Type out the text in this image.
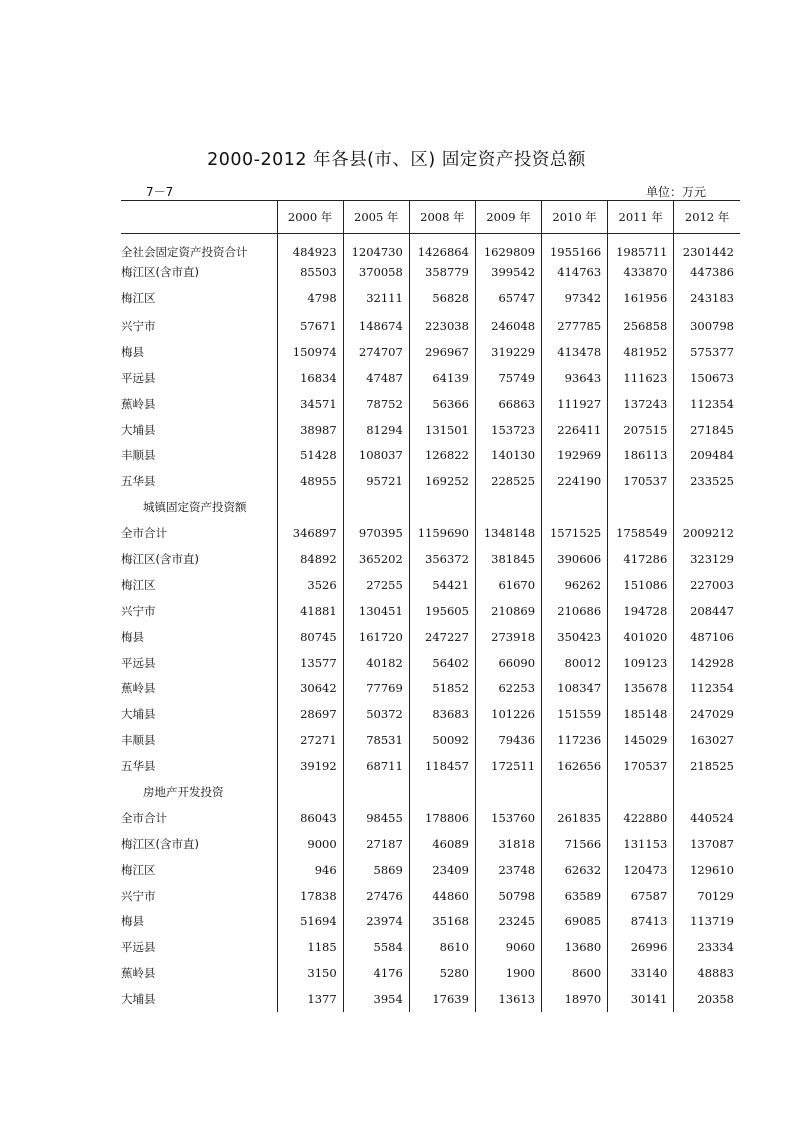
2000-2012 年各县(市、区) 固定资产投资总额
7－7	单位：万元
	2000 年	2005 年	2008 年	2009 年	2010 年	2011 年	2012 年
全社会固定资产投资合计	484923	1204730	1426864	1629809	1955166	1985711	2301442
梅江区(含市直)	85503	370058	358779	399542	414763	433870	447386
梅江区	4798	32111	56828	65747	97342	161956	243183
兴宁市	57671	148674	223038	246048	277785	256858	300798
梅县	150974	274707	296967	319229	413478	481952	575377
平远县	16834	47487	64139	75749	93643	111623	150673
蕉岭县	34571	78752	56366	66863	111927	137243	112354
大埔县	38987	81294	131501	153723	226411	207515	271845
丰顺县	51428	108037	126822	140130	192969	186113	209484
五华县	48955	95721	169252	228525	224190	170537	233525
城镇固定资产投资额							
全市合计	346897	970395	1159690	1348148	1571525	1758549	2009212
梅江区(含市直)	84892	365202	356372	381845	390606	417286	323129
梅江区	3526	27255	54421	61670	96262	151086	227003
兴宁市	41881	130451	195605	210869	210686	194728	208447
梅县	80745	161720	247227	273918	350423	401020	487106
平远县	13577	40182	56402	66090	80012	109123	142928
蕉岭县	30642	77769	51852	62253	108347	135678	112354
大埔县	28697	50372	83683	101226	151559	185148	247029
丰顺县	27271	78531	50092	79436	117236	145029	163027
五华县	39192	68711	118457	172511	162656	170537	218525
房地产开发投资							
全市合计	86043	98455	178806	153760	261835	422880	440524
梅江区(含市直)	9000	27187	46089	31818	71566	131153	137087
梅江区	946	5869	23409	23748	62632	120473	129610
兴宁市	17838	27476	44860	50798	63589	67587	70129
梅县	51694	23974	35168	23245	69085	87413	113719
平远县	1185	5584	8610	9060	13680	26996	23334
蕉岭县	3150	4176	5280	1900	8600	33140	48883
大埔县	1377	3954	17639	13613	18970	30141	20358
